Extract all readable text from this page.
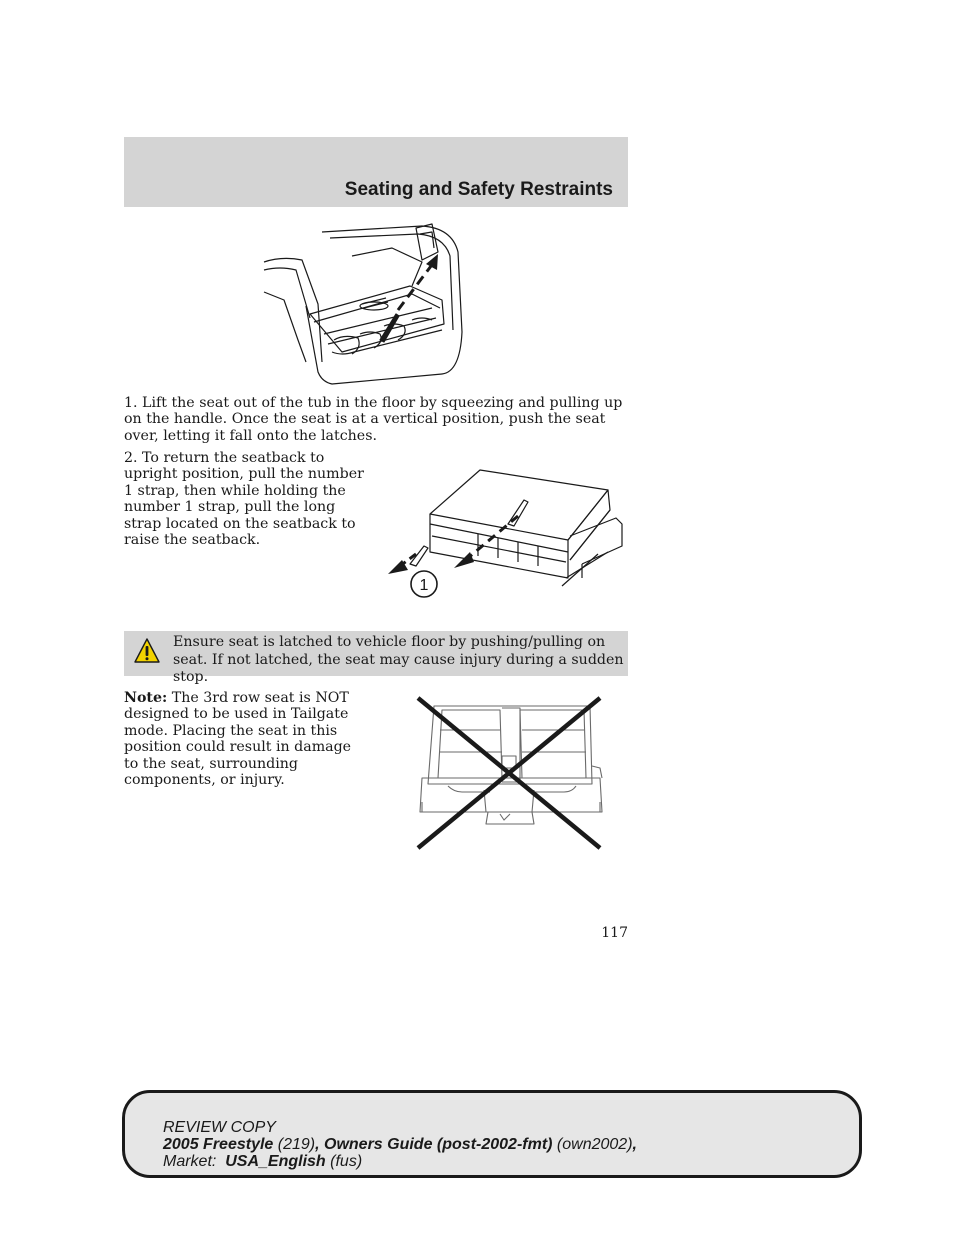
Seating and Safety Restraints
1. Lift the seat out of the tub in the floor by squeezing and pulling up on the handle. Once the seat is at a vertical position, push the seat over, letting it fall onto the latches.
2. To return the seatback to upright position, pull the number 1 strap, then while holding the number 1 strap, pull the long strap located on the seatback to raise the seatback.
1
Ensure seat is latched to vehicle floor by pushing/pulling on seat. If not latched, the seat may cause injury during a sudden stop.
Note: The 3rd row seat is NOT designed to be used in Tailgate mode. Placing the seat in this position could result in damage to the seat, surrounding components, or injury.
117
REVIEW COPY
2005 Freestyle (219), Owners Guide (post-2002-fmt) (own2002),
Market:  USA_English (fus)
